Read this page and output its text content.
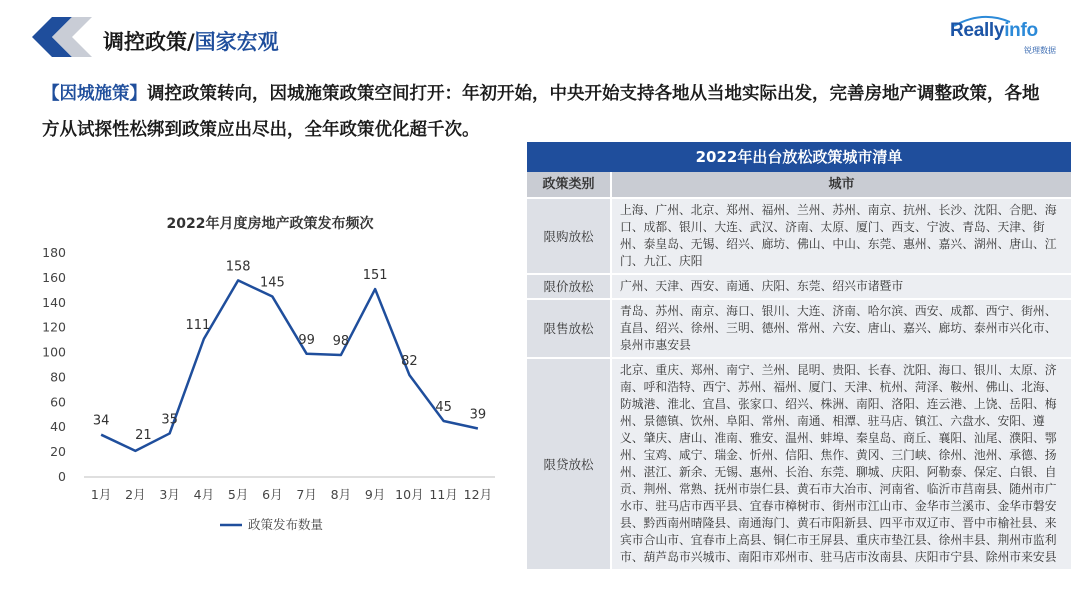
调控政策/国家宏观	Reallyinfo
锐理数据
【因城施策】调控政策转向，因城施策政策空间打开：年初开始，中央开始支持各地从当地实际出发，完善房地产调整政策，各地方从试探性松绑到政策应出尽出，全年政策优化超千次。
2022年月度房地产政策发布频次
0
20
40
60
80
100
120
140
160
180
1月 2月 3月 4月 5月 6月 7月 8月 9月 10月 11月 12月
34
21
35
111
158
145
99 98
151
82
45 39
政策发布数量
2022年出台放松政策城市清单
政策类别	城市
限购放松	上海、广州、北京、郑州、福州、兰州、苏州、南京、抗州、长沙、沈阳、合肥、海口、成都、银川、大连、武汉、济南、太原、厦门、西支、宁波、青岛、天津、街州、泰皇岛、无锡、绍兴、廊坊、佛山、中山、东莞、惠州、嘉兴、湖州、唐山、江门、九江、庆阳
限价放松	广州、天津、西安、南通、庆阳、东莞、绍兴市诸暨市
限售放松	青岛、苏州、南京、海口、银川、大连、济南、哈尔滨、西安、成都、西宁、街州、直昌、绍兴、徐州、三明、德州、常州、六安、唐山、嘉兴、廊坊、泰州市兴化市、泉州市惠安县
限贷放松	北京、重庆、郑州、南宁、兰州、昆明、贵阳、长春、沈阳、海口、银川、太原、济南、呼和浩特、西宁、苏州、福州、厦门、天津、杭州、菏泽、鞍州、佛山、北海、防城港、淮北、宜昌、张家口、绍兴、株洲、南阳、洛阳、连云港、上饶、岳阳、梅州、景德镇、饮州、阜阳、常州、南通、相潭、驻马店、镇江、六盘水、安阳、遵义、肇庆、唐山、准南、雅安、温州、蚌埠、秦皇岛、商丘、襄阳、汕尾、濮阳、鄂州、宝鸡、咸宁、瑞金、忻州、信阳、焦作、黄冈、三门峡、徐州、池州、承德、扬州、湛江、新余、无锡、惠州、长治、东莞、聊城、庆阳、阿勒泰、保定、白银、自贡、荆州、常熟、抚州市崇仁县、黄石市大冶市、河南省、临沂市莒南县、随州市广水市、驻马店市西平县、宜春市樟树市、街州市江山市、金华市兰溪市、金华市磐安县、黔西南州晴隆县、南通海门、黄石市阳新县、四平市双辽市、晋中市榆社县、来宾市合山市、宜春市上高县、铜仁市王屏县、重庆市垫江县、徐州丰县、荆州市监利市、葫芦岛市兴城市、南阳市邓州市、驻马店市汝南县、庆阳市宁县、除州市来安县
